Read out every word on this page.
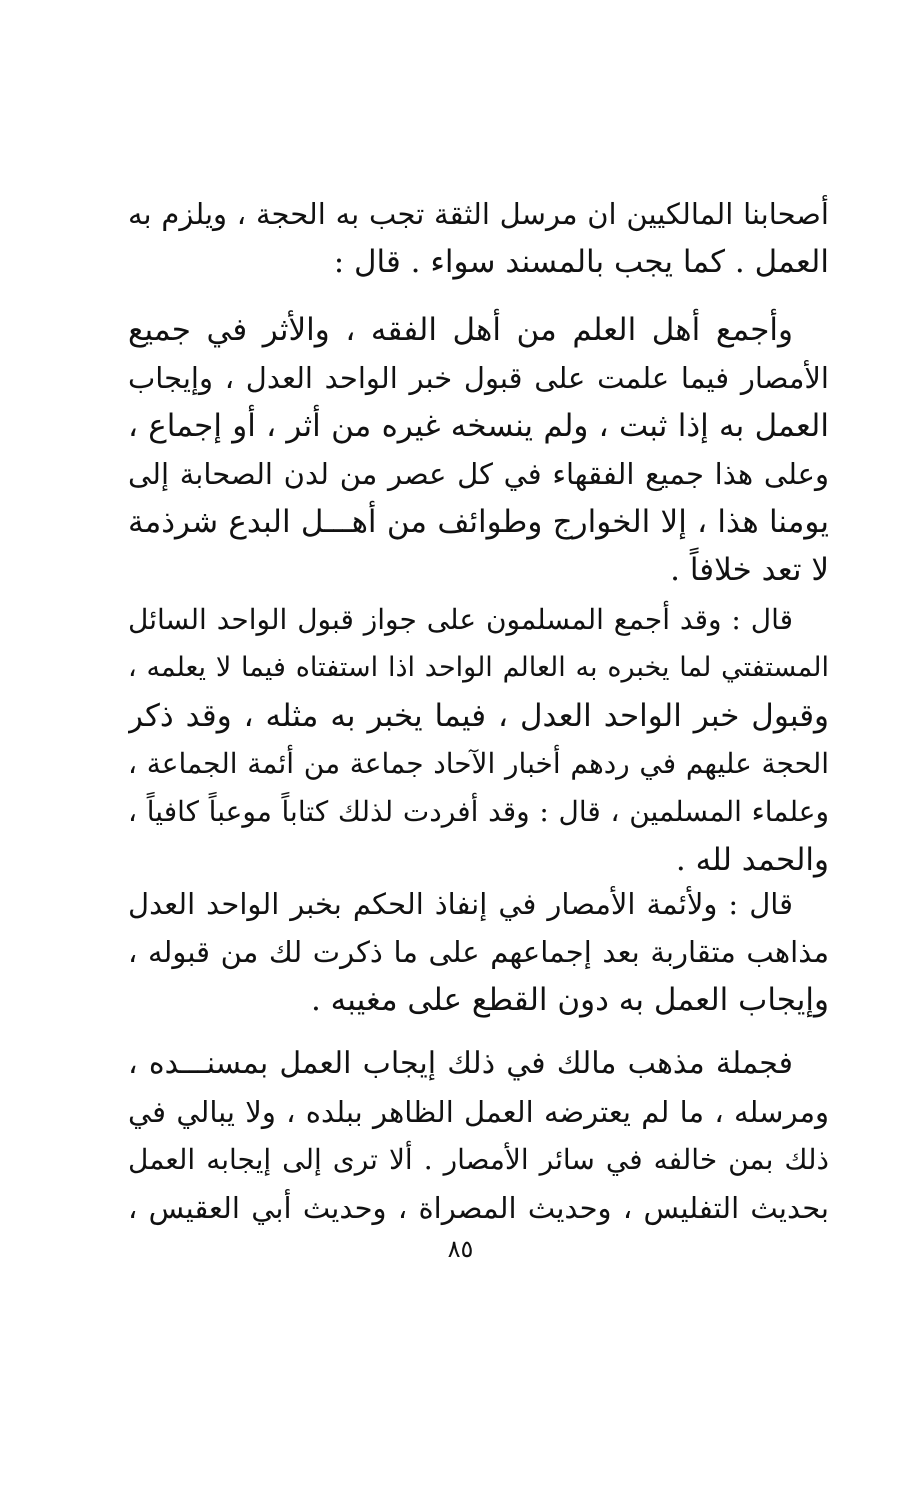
أصحابنا المالكيين ان مرسل الثقة تجب به الحجة ، ويلزم به
العمل . كما يجب بالمسند سواء . قال :
وأجمع أهل العلم من أهل الفقه ، والأثر في جميع
الأمصار فيما علمت على قبول خبر الواحد العدل ، وإيجاب
العمل به إذا ثبت ، ولم ينسخه غيره من أثر ، أو إجماع ،
وعلى هذا جميع الفقهاء في كل عصر من لدن الصحابة إلى
يومنا هذا ، إلا الخوارج وطوائف من أهـــل البدع شرذمة
لا تعد خلافاً .
قال : وقد أجمع المسلمون على جواز قبول الواحد السائل
المستفتي لما يخبره به العالم الواحد اذا استفتاه فيما لا يعلمه ،
وقبول خبر الواحد العدل ، فيما يخبر به مثله ، وقد ذكر
الحجة عليهم في ردهم أخبار الآحاد جماعة من أئمة الجماعة ،
وعلماء المسلمين ، قال : وقد أفردت لذلك كتاباً موعباً كافياً ،
والحمد لله .
قال : ولأئمة الأمصار في إنفاذ الحكم بخبر الواحد العدل
مذاهب متقاربة بعد إجماعهم على ما ذكرت لك من قبوله ،
وإيجاب العمل به دون القطع على مغيبه .
فجملة مذهب مالك في ذلك إيجاب العمل بمسنـــده ،
ومرسله ، ما لم يعترضه العمل الظاهر ببلده ، ولا يبالي في
ذلك بمن خالفه في سائر الأمصار . ألا ترى إلى إيجابه العمل
بحديث التفليس ، وحديث المصراة ، وحديث أبي العقيس ،
٨٥
